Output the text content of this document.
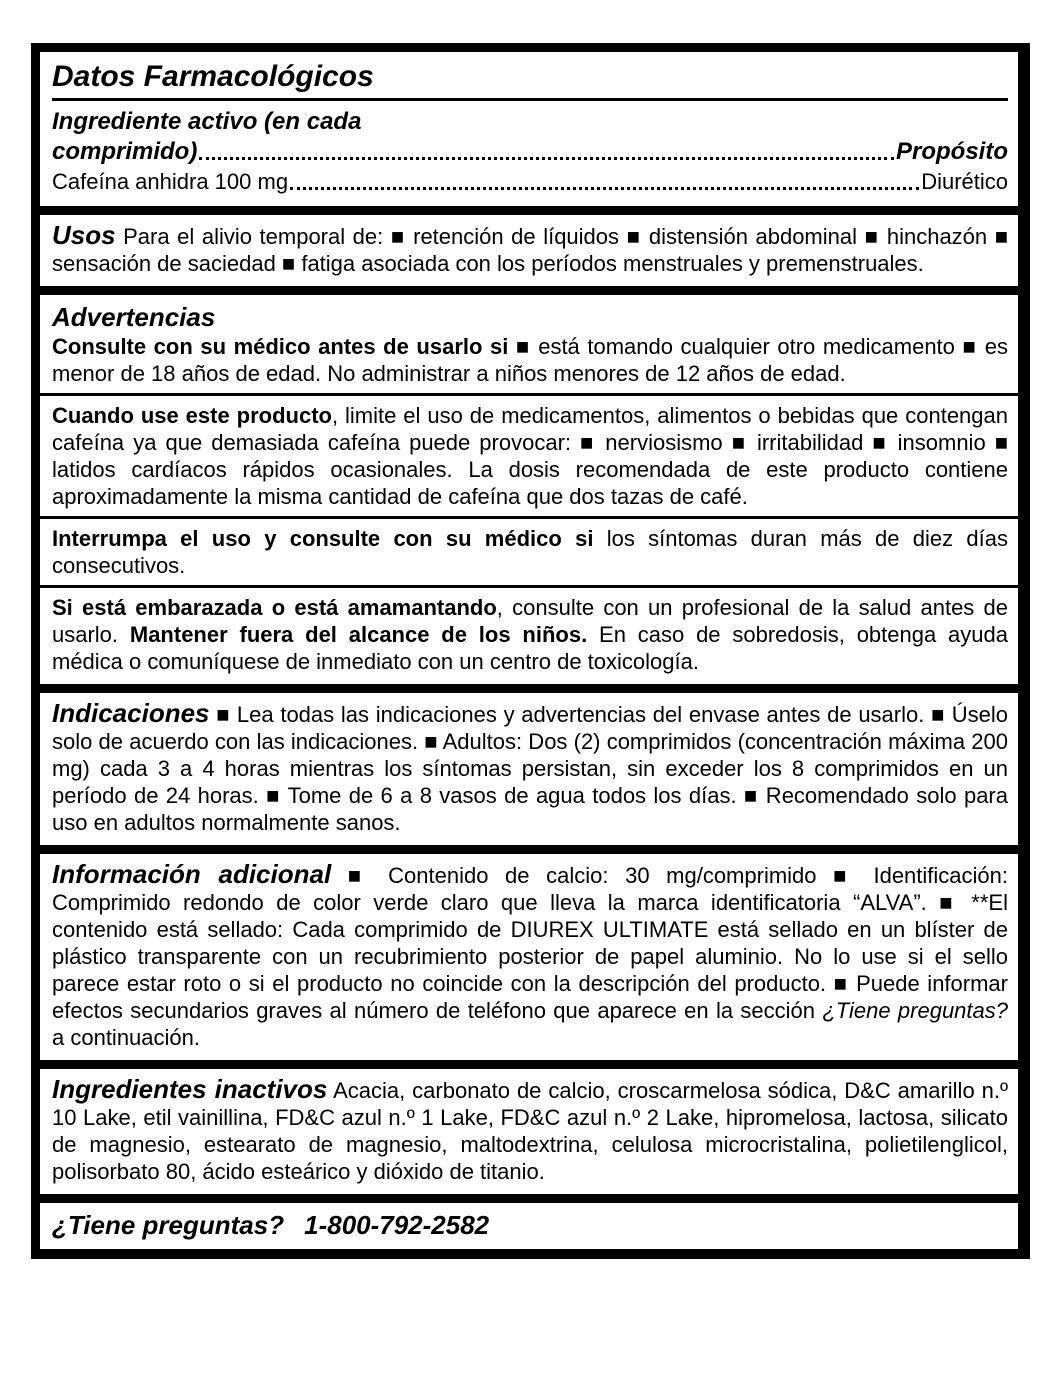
Datos Farmacológicos
Ingrediente activo (en cada
comprimido)	Propósito
Cafeína anhidra 100 mg	Diurético

Usos Para el alivio temporal de: ■ retención de líquidos ■ distensión abdominal ■ hinchazón ■ sensación de saciedad ■ fatiga asociada con los períodos menstruales y premenstruales.

Advertencias

Consulte con su médico antes de usarlo si ■ está tomando cualquier otro medicamento ■ es menor de 18 años de edad. No administrar a niños menores de 12 años de edad.

Cuando use este producto, limite el uso de medicamentos, alimentos o bebidas que contengan cafeína ya que demasiada cafeína puede provocar: ■ nerviosismo ■ irritabilidad ■ insomnio ■ latidos cardíacos rápidos ocasionales. La dosis recomendada de este producto contiene aproximadamente la misma cantidad de cafeína que dos tazas de café.

Interrumpa el uso y consulte con su médico si los síntomas duran más de diez días consecutivos.

Si está embarazada o está amamantando, consulte con un profesional de la salud antes de usarlo. Mantener fuera del alcance de los niños. En caso de sobredosis, obtenga ayuda médica o comuníquese de inmediato con un centro de toxicología.

Indicaciones ■ Lea todas las indicaciones y advertencias del envase antes de usarlo. ■ Úselo solo de acuerdo con las indicaciones. ■ Adultos: Dos (2) comprimidos (concentración máxima 200 mg) cada 3 a 4 horas mientras los síntomas persistan, sin exceder los 8 comprimidos en un período de 24 horas. ■ Tome de 6 a 8 vasos de agua todos los días. ■ Recomendado solo para uso en adultos normalmente sanos.

Información adicional ■ Contenido de calcio: 30 mg/comprimido ■ Identificación: Comprimido redondo de color verde claro que lleva la marca identificatoria “ALVA”. ■ **El contenido está sellado: Cada comprimido de DIUREX ULTIMATE está sellado en un blíster de plástico transparente con un recubrimiento posterior de papel aluminio. No lo use si el sello parece estar roto o si el producto no coincide con la descripción del producto. ■ Puede informar efectos secundarios graves al número de teléfono que aparece en la sección ¿Tiene preguntas? a continuación.

Ingredientes inactivos Acacia, carbonato de calcio, croscarmelosa sódica, D&C amarillo n.º 10 Lake, etil vainillina, FD&C azul n.º 1 Lake, FD&C azul n.º 2 Lake, hipromelosa, lactosa, silicato de magnesio, estearato de magnesio, maltodextrina, celulosa microcristalina, polietilenglicol, polisorbato 80, ácido esteárico y dióxido de titanio.

¿Tiene preguntas? 1-800-792-2582
